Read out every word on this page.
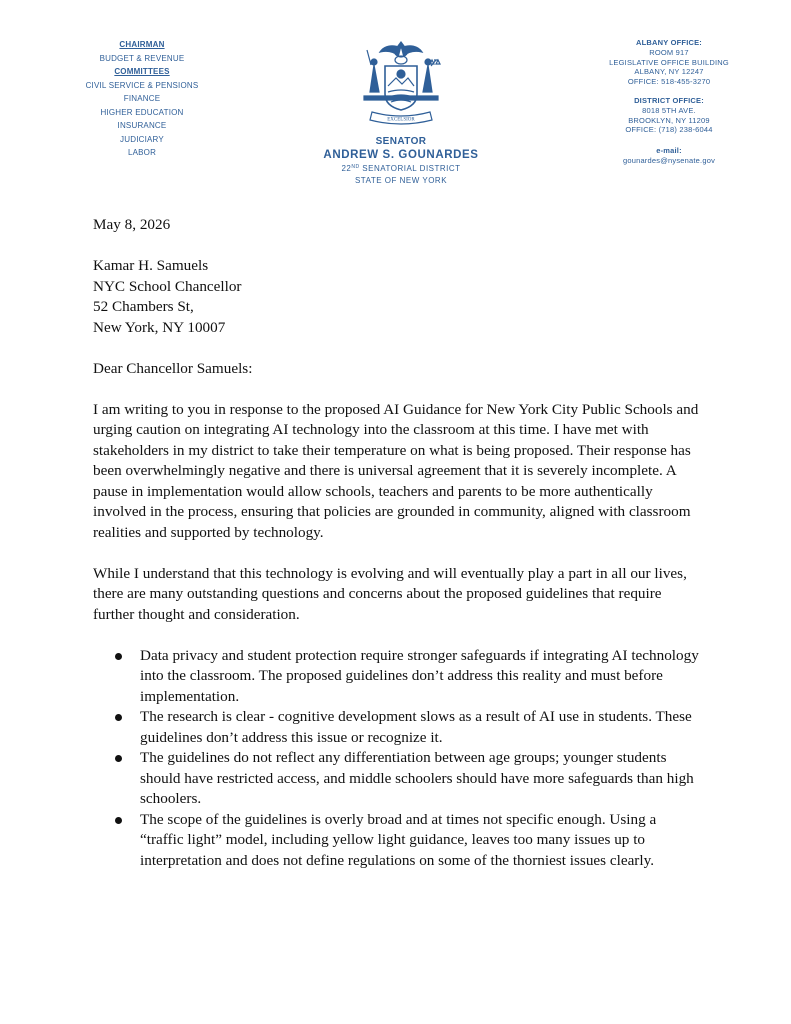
CHAIRMAN
BUDGET & REVENUE
COMMITTEES
CIVIL SERVICE & PENSIONS
FINANCE
HIGHER EDUCATION
INSURANCE
JUDICIARY
LABOR
EXCELSIOR
SENATOR
ANDREW S. GOUNARDES
22ND SENATORIAL DISTRICT
STATE OF NEW YORK
ALBANY OFFICE:
ROOM 917
LEGISLATIVE OFFICE BUILDING
ALBANY, NY 12247
OFFICE: 518-455-3270
DISTRICT OFFICE:
8018 5TH AVE.
BROOKLYN, NY 11209
OFFICE: (718) 238-6044
e-mail:
gounardes@nysenate.gov

May 8, 2026

Kamar H. Samuels

NYC School Chancellor

52 Chambers St,

New York, NY 10007

Dear Chancellor Samuels:

I am writing to you in response to the proposed AI Guidance for New York City Public Schools and urging caution on integrating AI technology into the classroom at this time. I have met with stakeholders in my district to take their temperature on what is being proposed. Their response has been overwhelmingly negative and there is universal agreement that it is severely incomplete. A pause in implementation would allow schools, teachers and parents to be more authentically involved in the process, ensuring that policies are grounded in community, aligned with classroom realities and supported by technology.

While I understand that this technology is evolving and will eventually play a part in all our lives, there are many outstanding questions and concerns about the proposed guidelines that require further thought and consideration.

Data privacy and student protection require stronger safeguards if integrating AI technology into the classroom. The proposed guidelines don’t address this reality and must before implementation.
The research is clear - cognitive development slows as a result of AI use in students. These guidelines don’t address this issue or recognize it.
The guidelines do not reflect any differentiation between age groups; younger students should have restricted access, and middle schoolers should have more safeguards than high schoolers.
The scope of the guidelines is overly broad and at times not specific enough. Using a “traffic light” model, including yellow light guidance, leaves too many issues up to interpretation and does not define regulations on some of the thorniest issues clearly.
